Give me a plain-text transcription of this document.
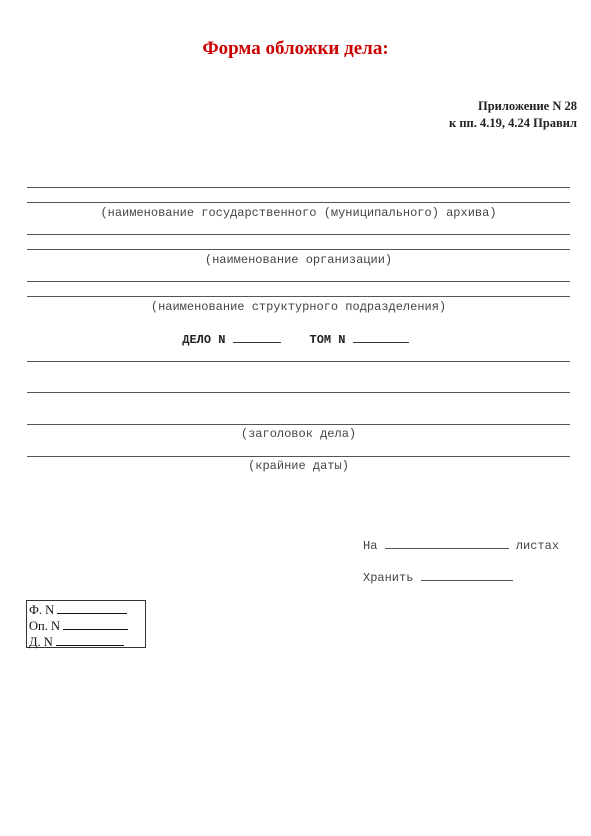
Форма обложки дела:
Приложение N 28
к пп. 4.19, 4.24 Правил
(наименование государственного (муниципального) архива)
(наименование организации)
(наименование структурного подразделения)
ДЕЛО N	ТОМ N
(заголовок дела)
(крайние даты)
На	листах
Хранить
Ф. N
Оп. N
Д. N
